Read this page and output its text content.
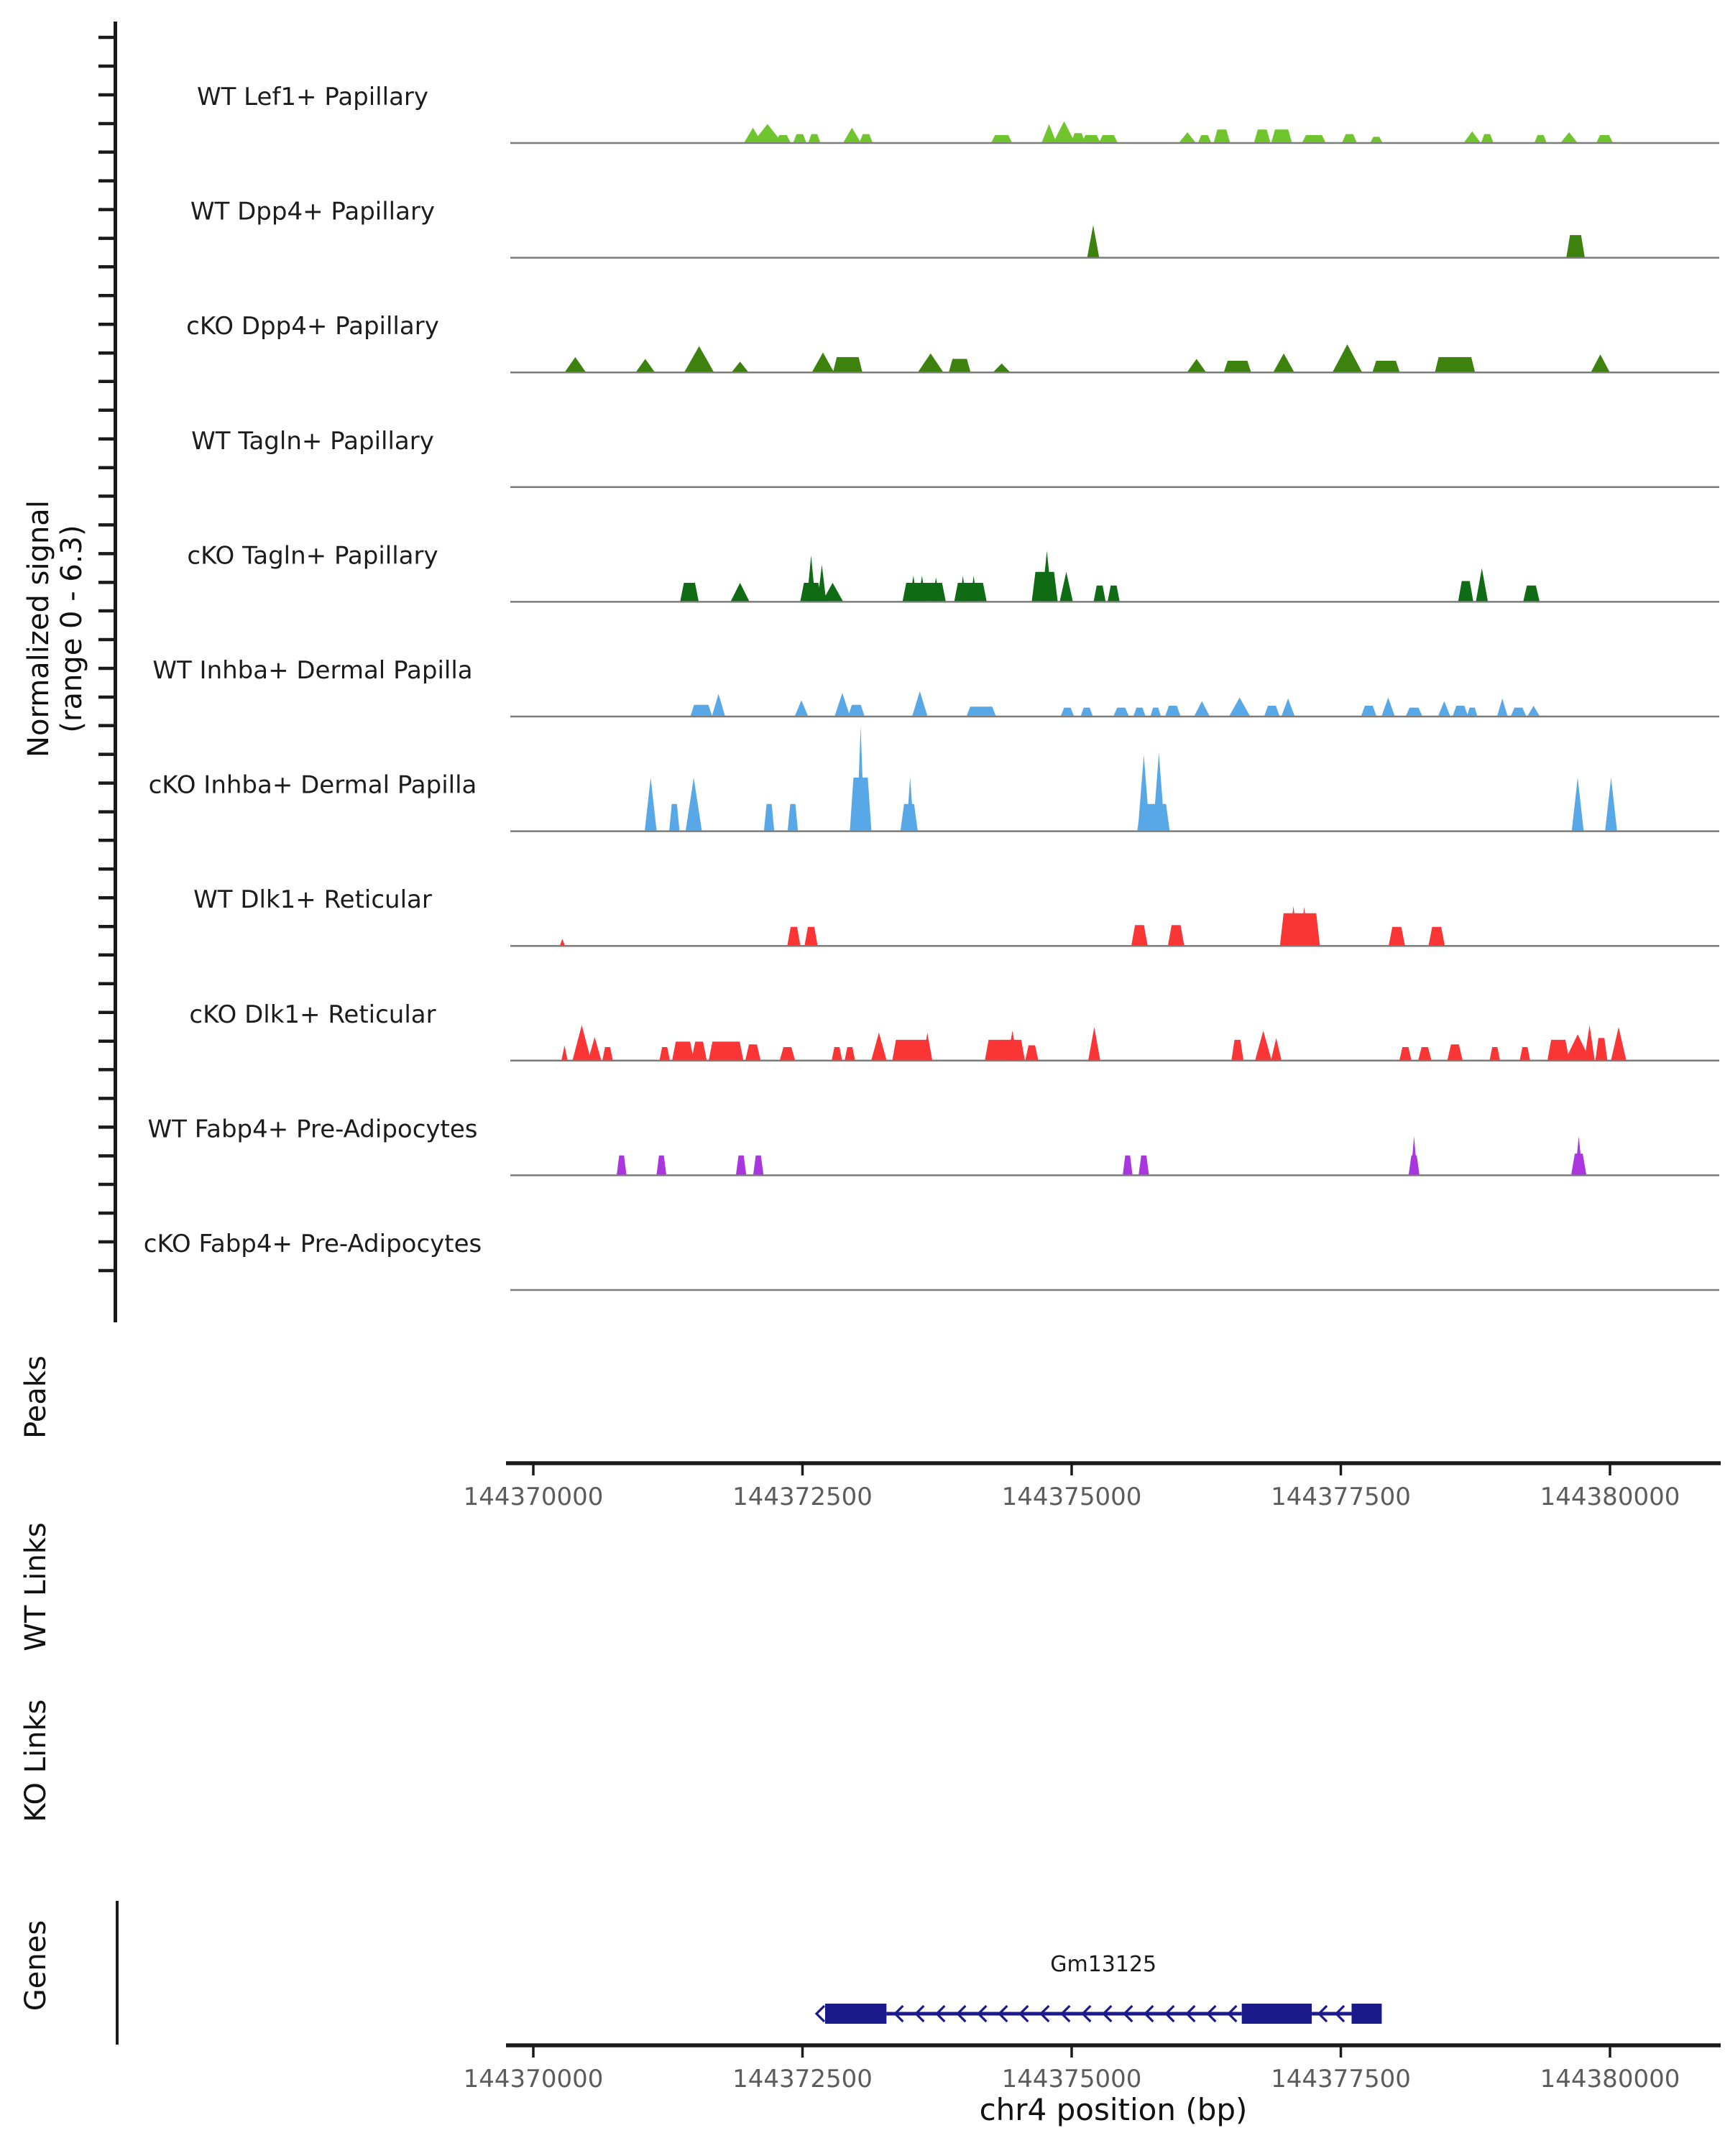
Normalized signal (range 0 - 6.3)
Peaks
WT Links
KO Links
Genes
chr4 position (bp)
WT Lef1+ Papillary
WT Dpp4+ Papillary
cKO Dpp4+ Papillary
WT Tagln+ Papillary
cKO Tagln+ Papillary
WT Inhba+ Dermal Papilla
cKO Inhba+ Dermal Papilla
WT Dlk1+ Reticular
cKO Dlk1+ Reticular
WT Fabp4+ Pre-Adipocytes
cKO Fabp4+ Pre-Adipocytes
144370000	144372500	144375000	144377500	144380000
144370000	144372500	144375000	144377500	144380000
Gm13125
